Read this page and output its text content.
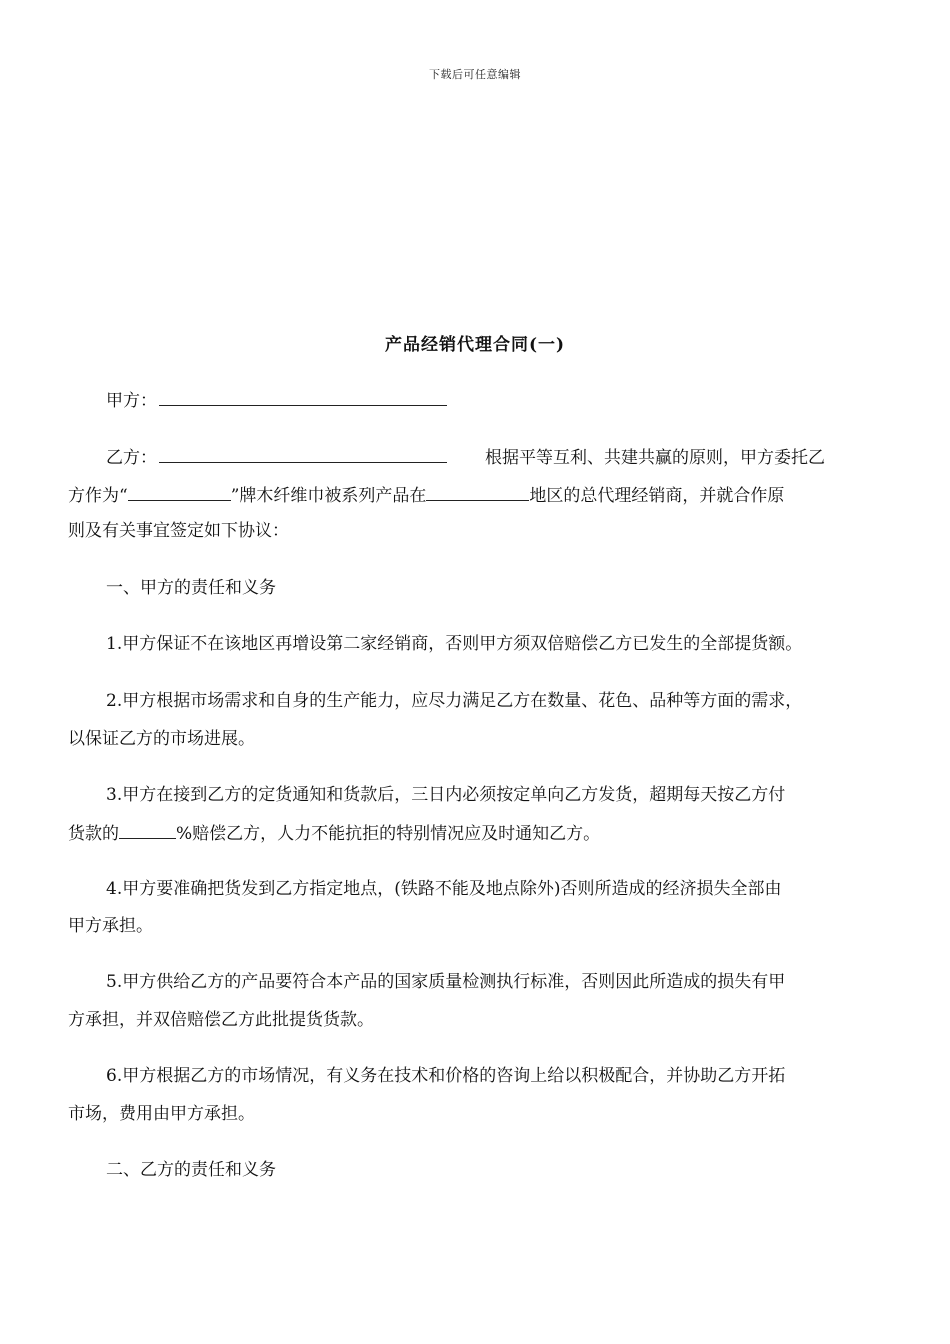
下载后可任意编辑
产品经销代理合同(一)
甲方：
乙方：	根据平等互利、共建共赢的原则，甲方委托乙
方作为“	”牌木纤维巾被系列产品在	地区的总代理经销商，并就合作原
则及有关事宜签定如下协议：
一、甲方的责任和义务
1.甲方保证不在该地区再增设第二家经销商，否则甲方须双倍赔偿乙方已发生的全部提货额。
2.甲方根据市场需求和自身的生产能力，应尽力满足乙方在数量、花色、品种等方面的需求，
以保证乙方的市场进展。
3.甲方在接到乙方的定货通知和货款后，三日内必须按定单向乙方发货，超期每天按乙方付
货款的	%赔偿乙方，人力不能抗拒的特别情况应及时通知乙方。
4.甲方要准确把货发到乙方指定地点，(铁路不能及地点除外)否则所造成的经济损失全部由
甲方承担。
5.甲方供给乙方的产品要符合本产品的国家质量检测执行标准，否则因此所造成的损失有甲
方承担，并双倍赔偿乙方此批提货货款。
6.甲方根据乙方的市场情况，有义务在技术和价格的咨询上给以积极配合，并协助乙方开拓
市场，费用由甲方承担。
二、乙方的责任和义务
